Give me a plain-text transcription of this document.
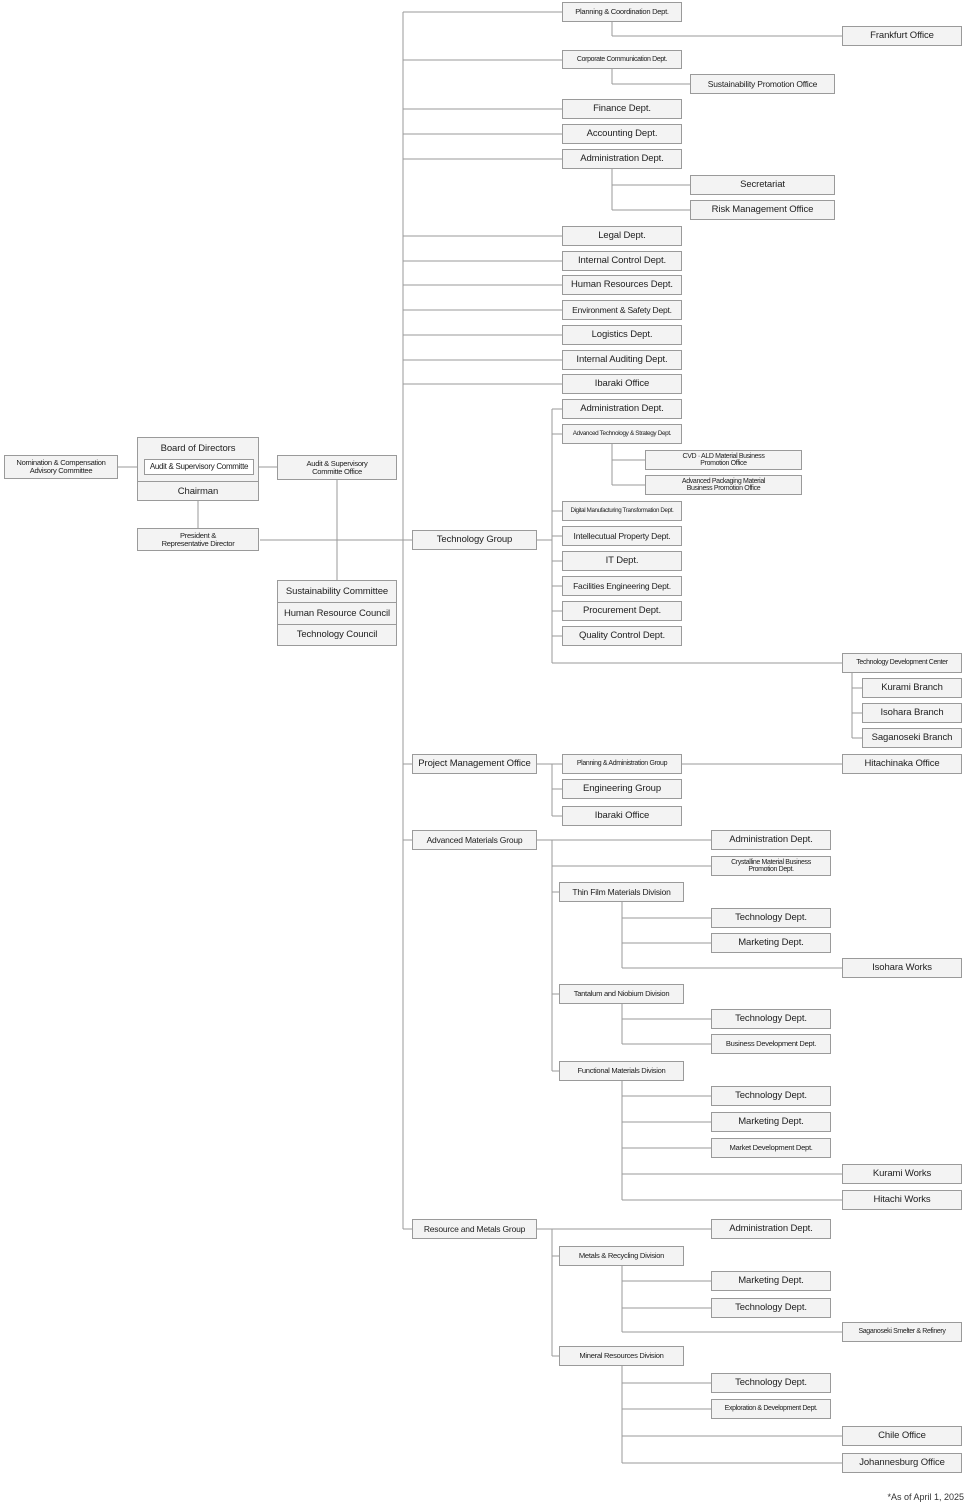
Nomination & Compensation
Advisory Committee

Board of Directors

Audit & Supervisory Committe

Chairman

Audit & Supervisory
Committe Office
President &
Representative Director

Sustainability Committee

Human Resource Council

Technology Council

Planning & Coordination Dept.
Frankfurt Office
Corporate Communication Dept.
Sustainability Promotion Office
Finance Dept.
Accounting Dept.
Administration Dept.
Secretariat
Risk Management Office
Legal Dept.
Internal Control Dept.
Human Resources Dept.
Environment & Safety Dept.
Logistics Dept.
Internal Auditing Dept.
Ibaraki Office
Technology Group
Administration Dept.
Advanced Technology & Strategy Dept.
CVD · ALD Material Business
Promotion Office
Advanced Packaging Material
Business Promotion Office
Digital Manufacturing Transformation Dept.
Intellecutual Property Dept.
IT Dept.
Facilities Engineering Dept.
Procurement Dept.
Quality Control Dept.
Technology Development Center
Kurami Branch
Isohara Branch
Saganoseki Branch
Project Management Office	Planning & Administration Group	Hitachinaka Office
Engineering Group
Ibaraki Office
Advanced Materials Group	Administration Dept.
Crystalline Material Business
Promotion Dept.
Thin Film Materials Division
Technology Dept.
Marketing Dept.
Isohara Works
Tantalum and Niobium Division
Technology Dept.
Business Development Dept.
Functional Materials Division
Technology Dept.
Marketing Dept.
Market Development Dept.
Kurami Works
Hitachi Works
Resource and Metals Group	Administration Dept.
Metals & Recycling Division
Marketing Dept.
Technology Dept.
Saganoseki Smelter & Refinery
Mineral Resources Division
Technology Dept.
Exploration & Development Dept.
Chile Office
Johannesburg Office
*As of April 1, 2025
